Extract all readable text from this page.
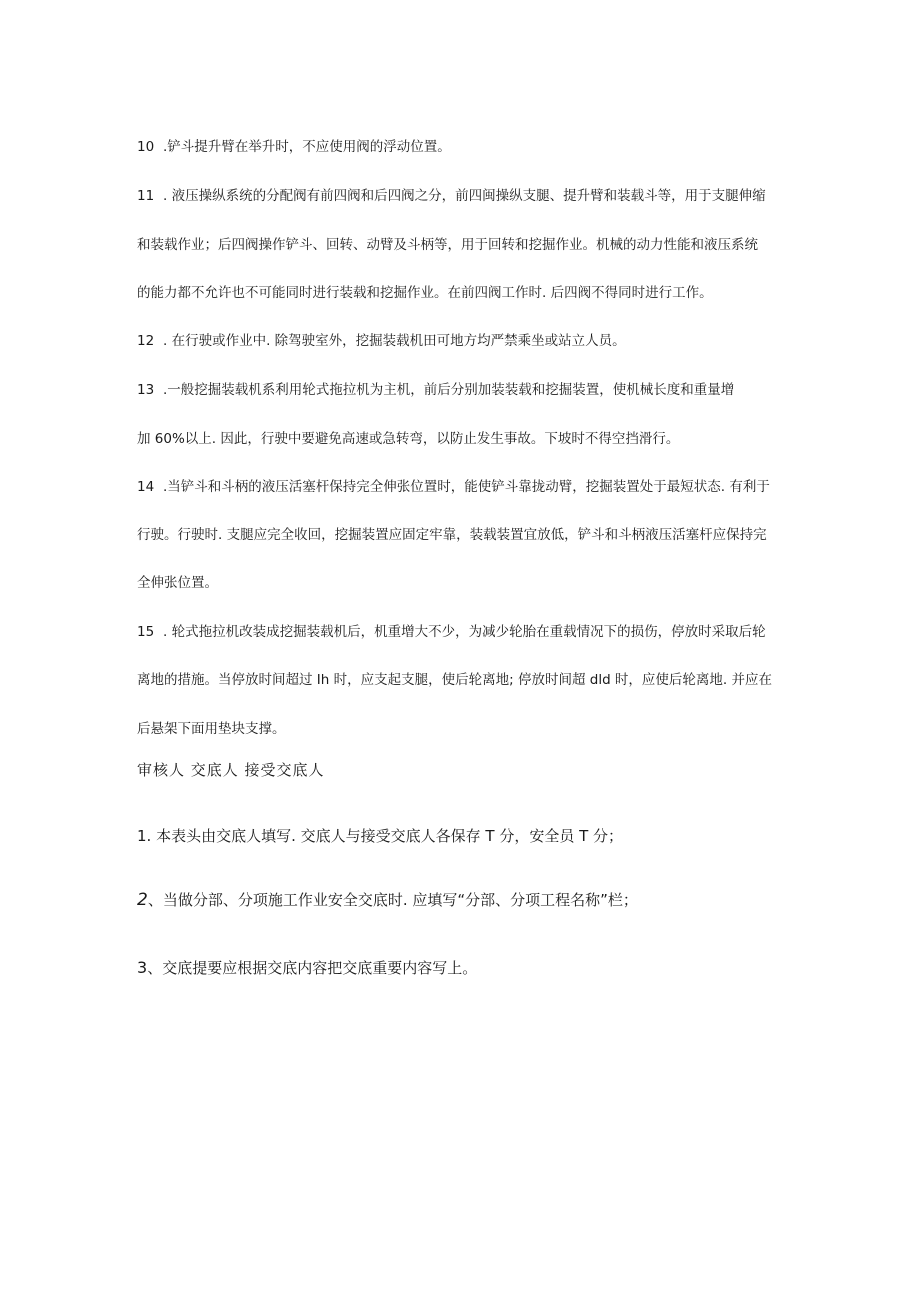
10 .铲斗提升臂在举升时，不应使用阀的浮动位置。

11 . 液压操纵系统的分配阀有前四阀和后四阀之分，前四闽操纵支腿、提升臂和装载斗等，用于支腿伸缩

和装载作业；后四阀操作铲斗、回转、动臂及斗柄等，用于回转和挖掘作业。机械的动力性能和液压系统

的能力都不允许也不可能同时进行装载和挖掘作业。在前四阀工作时. 后四阀不得同时进行工作。

12 . 在行驶或作业中. 除驾驶室外，挖掘装载机田可地方均严禁乘坐或站立人员。

13 .一般挖掘装载机系利用轮式拖拉机为主机，前后分别加装装载和挖掘装置，使机械长度和重量增

加 60%以上. 因此，行驶中要避免高速或急转弯，以防止发生事故。下坡时不得空挡滑行。

14 .当铲斗和斗柄的液压活塞杆保持完全伸张位置时，能使铲斗靠拢动臂，挖掘装置处于最短状态. 有利于

行驶。行驶时. 支腿应完全收回，挖掘装置应固定牢靠，装载装置宜放低，铲斗和斗柄液压活塞杆应保持完

全伸张位置。

15 . 轮式拖拉机改装成挖掘装载机后，机重增大不少，为减少轮胎在重载情况下的损伤，停放时采取后轮

离地的措施。当停放时间超过 Ih 时，应支起支腿，使后轮离地; 停放时间超 dld 时，应使后轮离地. 并应在

后悬架下面用垫块支撑。

审核人 交底人 接受交底人

1. 本表头由交底人填写. 交底人与接受交底人各保存 T 分，安全员 T 分；

2、当做分部、分项施工作业安全交底时. 应填写“分部、分项工程名称”栏；

3、交底提要应根据交底内容把交底重要内容写上。
